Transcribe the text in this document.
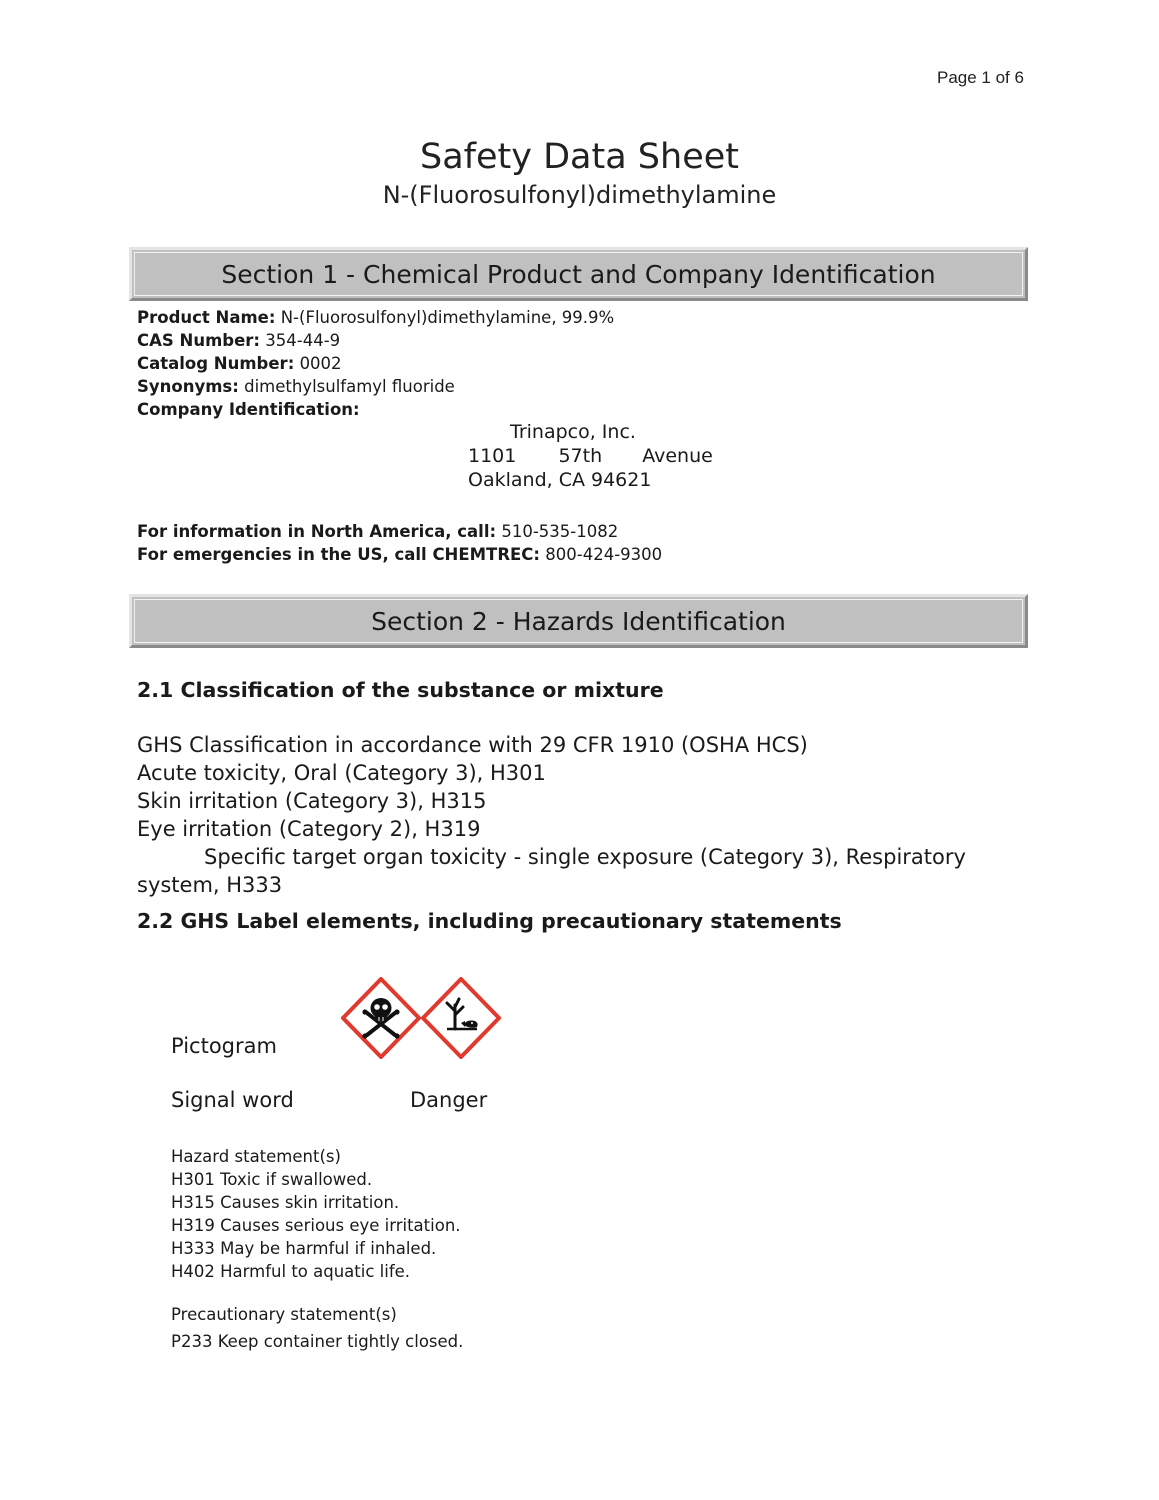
Page 1 of 6
Safety Data Sheet
N-(Fluorosulfonyl)dimethylamine
Section 1 - Chemical Product and Company Identification
Product Name: N-(Fluorosulfonyl)dimethylamine, 99.9%
CAS Number: 354-44-9
Catalog Number: 0002
Synonyms: dimethylsulfamyl fluoride
Company Identification:
Trinapco, Inc.
1101 57th Avenue
Oakland, CA 94621
For information in North America, call: 510-535-1082
For emergencies in the US, call CHEMTREC: 800-424-9300
Section 2 - Hazards Identification
2.1 Classification of the substance or mixture
GHS Classification in accordance with 29 CFR 1910 (OSHA HCS)
Acute toxicity, Oral (Category 3), H301
Skin irritation (Category 3), H315
Eye irritation (Category 2), H319
Specific target organ toxicity - single exposure (Category 3), Respiratory
system, H333
2.2 GHS Label elements, including precautionary statements
Pictogram
Signal word	Danger
Hazard statement(s)
H301 Toxic if swallowed.
H315 Causes skin irritation.
H319 Causes serious eye irritation.
H333 May be harmful if inhaled.
H402 Harmful to aquatic life.
Precautionary statement(s)
P233 Keep container tightly closed.
